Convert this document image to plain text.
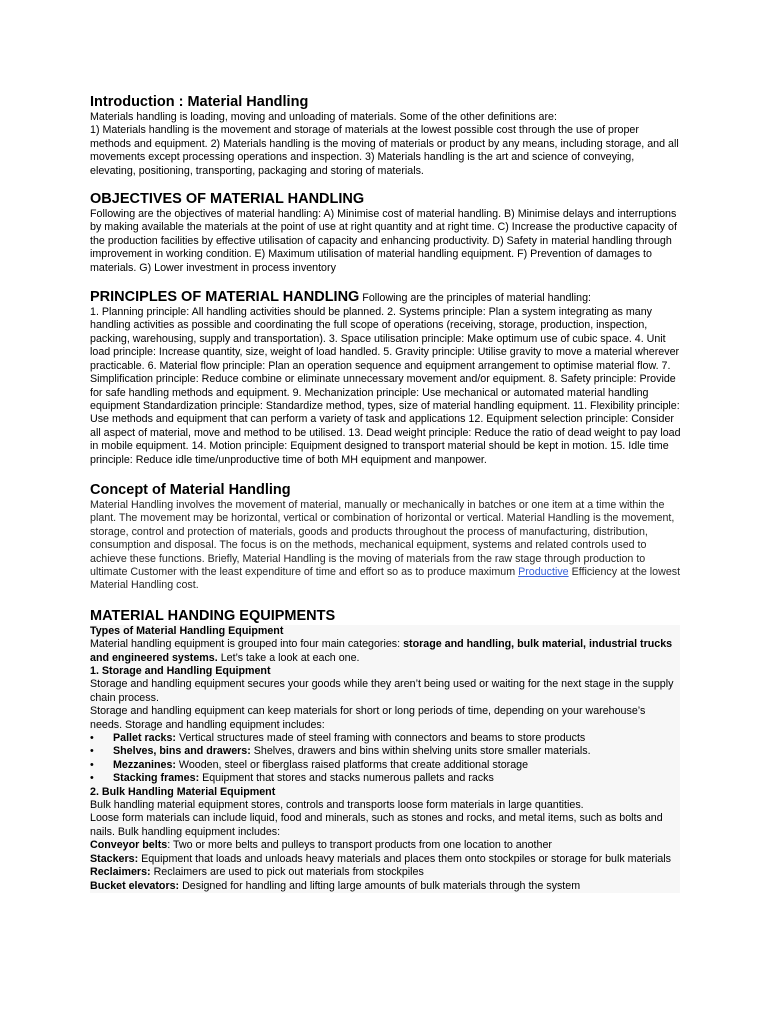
Introduction : Material Handling

Materials handling is loading, moving and unloading of materials. Some of the other definitions are:

1) Materials handling is the movement and storage of materials at the lowest possible cost through the use of proper methods and equipment. 2) Materials handling is the moving of materials or product by any means, including storage, and all movements except processing operations and inspection. 3) Materials handling is the art and science of conveying, elevating, positioning, transporting, packaging and storing of materials.

OBJECTIVES OF MATERIAL HANDLING

Following are the objectives of material handling: A) Minimise cost of material handling. B) Minimise delays and interruptions by making available the materials at the point of use at right quantity and at right time. C) Increase the productive capacity of the production facilities by effective utilisation of capacity and enhancing productivity. D) Safety in material handling through improvement in working condition. E) Maximum utilisation of material handling equipment. F) Prevention of damages to materials. G) Lower investment in process inventory

PRINCIPLES OF MATERIAL HANDLING Following are the principles of material handling:

1. Planning principle: All handling activities should be planned. 2. Systems principle: Plan a system integrating as many handling activities as possible and coordinating the full scope of operations (receiving, storage, production, inspection, packing, warehousing, supply and transportation). 3. Space utilisation principle: Make optimum use of cubic space. 4. Unit load principle: Increase quantity, size, weight of load handled. 5. Gravity principle: Utilise gravity to move a material wherever practicable. 6. Material flow principle: Plan an operation sequence and equipment arrangement to optimise material flow. 7. Simplification principle: Reduce combine or eliminate unnecessary movement and/or equipment. 8. Safety principle: Provide for safe handling methods and equipment. 9. Mechanization principle: Use mechanical or automated material handling equipment Standardization principle: Standardize method, types, size of material handling equipment. 11. Flexibility principle: Use methods and equipment that can perform a variety of task and applications 12. Equipment selection principle: Consider all aspect of material, move and method to be utilised. 13. Dead weight principle: Reduce the ratio of dead weight to pay load in mobile equipment. 14. Motion principle: Equipment designed to transport material should be kept in motion. 15. Idle time principle: Reduce idle time/unproductive time of both MH equipment and manpower.

Concept of Material Handling

Material Handling involves the movement of material, manually or mechanically in batches or one item at a time within the plant. The movement may be horizontal, vertical or combination of horizontal or vertical. Material Handling is the movement, storage, control and protection of materials, goods and products throughout the process of manufacturing, distribution, consumption and disposal. The focus is on the methods, mechanical equipment, systems and related controls used to achieve these functions. Briefly, Material Handling is the moving of materials from the raw stage through production to ultimate Customer with the least expenditure of time and effort so as to produce maximum Productive Efficiency at the lowest Material Handling cost.

MATERIAL HANDING EQUIPMENTS

Types of Material Handling Equipment

Material handling equipment is grouped into four main categories: storage and handling, bulk material, industrial trucks and engineered systems. Let’s take a look at each one.

1. Storage and Handling Equipment

Storage and handling equipment secures your goods while they aren’t being used or waiting for the next stage in the supply chain process.

Storage and handling equipment can keep materials for short or long periods of time, depending on your warehouse’s needs. Storage and handling equipment includes:

• Pallet racks: Vertical structures made of steel framing with connectors and beams to store products
• Shelves, bins and drawers: Shelves, drawers and bins within shelving units store smaller materials.
• Mezzanines: Wooden, steel or fiberglass raised platforms that create additional storage
• Stacking frames: Equipment that stores and stacks numerous pallets and racks

2. Bulk Handling Material Equipment

Bulk handling material equipment stores, controls and transports loose form materials in large quantities.

Loose form materials can include liquid, food and minerals, such as stones and rocks, and metal items, such as bolts and nails. Bulk handling equipment includes:

Conveyor belts: Two or more belts and pulleys to transport products from one location to another

Stackers: Equipment that loads and unloads heavy materials and places them onto stockpiles or storage for bulk materials

Reclaimers: Reclaimers are used to pick out materials from stockpiles

Bucket elevators: Designed for handling and lifting large amounts of bulk materials through the system
